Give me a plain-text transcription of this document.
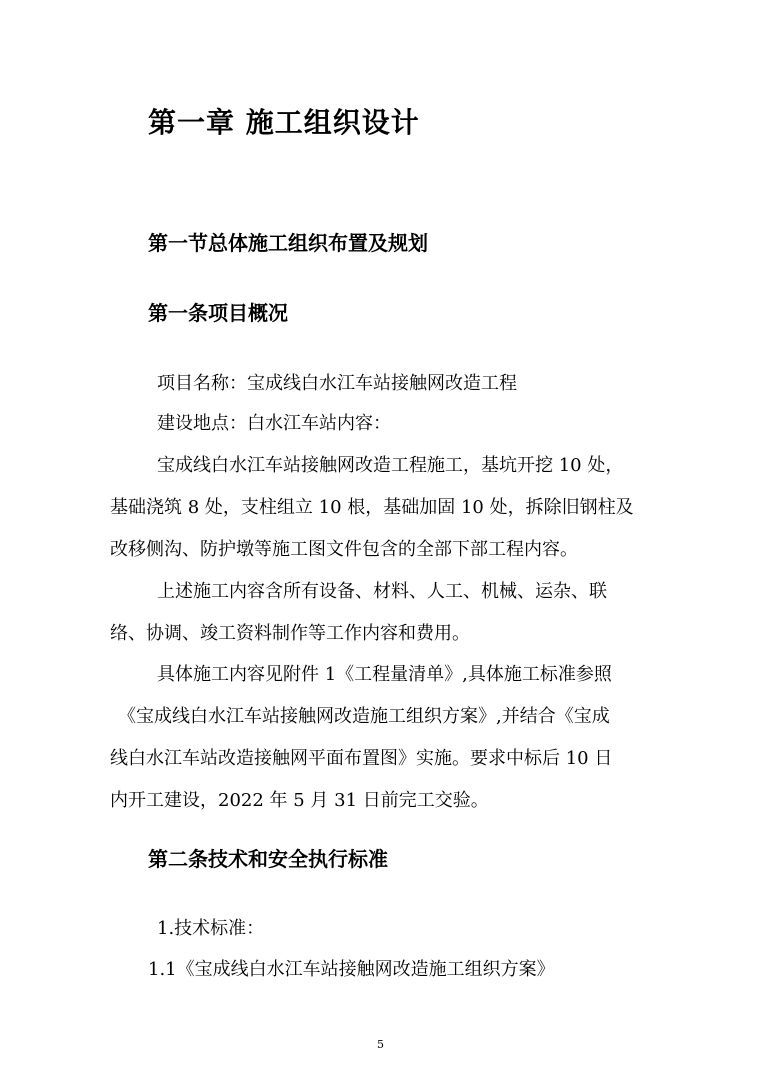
第一章 施工组织设计
第一节总体施工组织布置及规划
第一条项目概况

项目名称：宝成线白水江车站接触网改造工程

建设地点：白水江车站内容：

宝成线白水江车站接触网改造工程施工，基坑开挖 10 处，

基础浇筑 8 处，支柱组立 10 根，基础加固 10 处，拆除旧钢柱及

改移侧沟、防护墩等施工图文件包含的全部下部工程内容。

上述施工内容含所有设备、材料、人工、机械、运杂、联

络、协调、竣工资料制作等工作内容和费用。

具体施工内容见附件 1《工程量清单》,具体施工标准参照

《宝成线白水江车站接触网改造施工组织方案》,并结合《宝成

线白水江车站改造接触网平面布置图》实施。要求中标后 10 日

内开工建设，2022 年 5 月 31 日前完工交验。

第二条技术和安全执行标准

1.技术标准：

1.1《宝成线白水江车站接触网改造施工组织方案》

5
